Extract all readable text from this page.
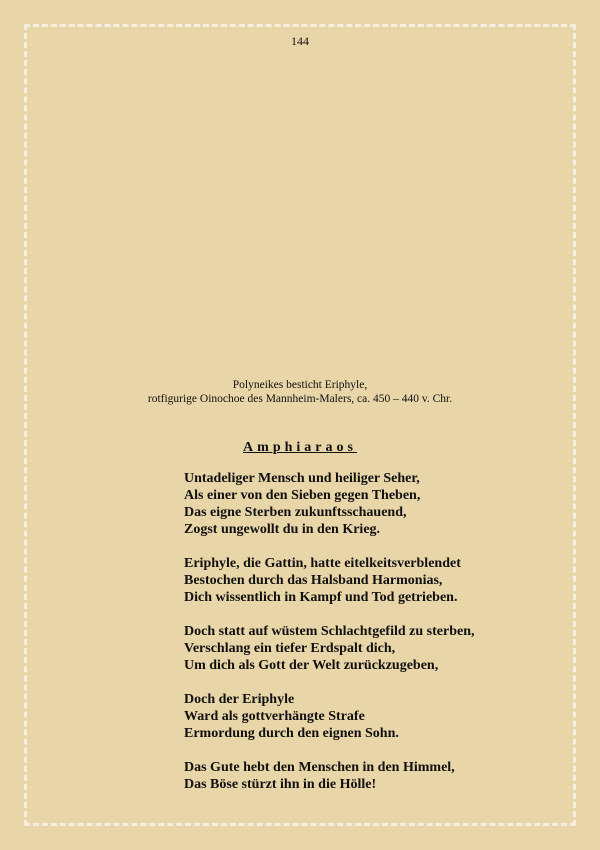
144
Polyneikes besticht Eriphyle,
rotfigurige Oinochoe des Mannheim-Malers, ca. 450 – 440 v. Chr.
Amphiaraos
Untadeliger Mensch und heiliger Seher,
Als einer von den Sieben gegen Theben,
Das eigne Sterben zukunftsschauend,
Zogst ungewollt du in den Krieg.
Eriphyle, die Gattin, hatte eitelkeitsverblendet
Bestochen durch das Halsband Harmonias,
Dich wissentlich in Kampf und Tod getrieben.
Doch statt auf wüstem Schlachtgefild zu sterben,
Verschlang ein tiefer Erdspalt dich,
Um dich als Gott der Welt zurückzugeben,
Doch der Eriphyle
Ward als gottverhängte Strafe
Ermordung durch den eignen Sohn.
Das Gute hebt den Menschen in den Himmel,
Das Böse stürzt ihn in die Hölle!
